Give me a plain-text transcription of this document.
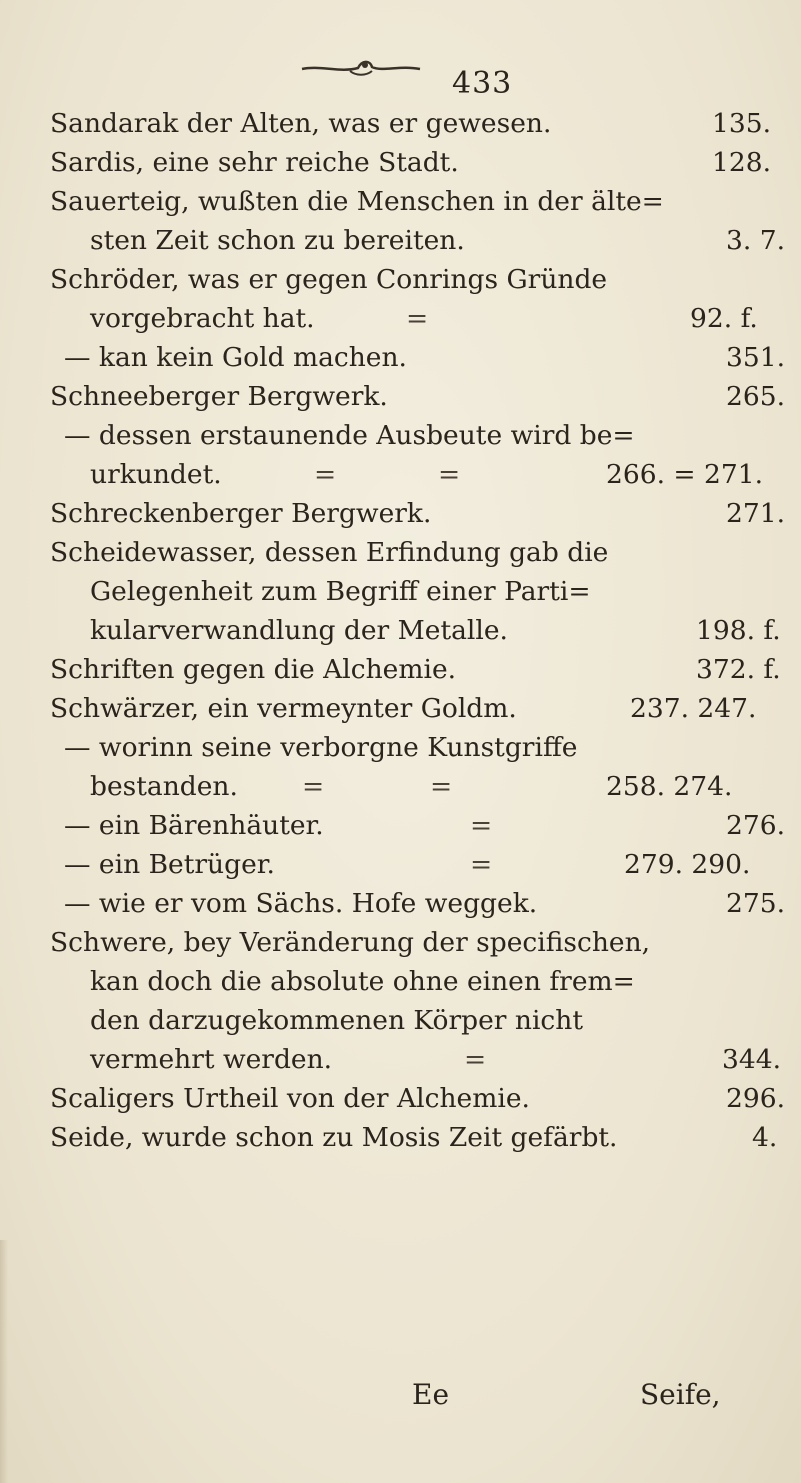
433
Sandarak der Alten, was er gewesen.	135.
Sardis, eine sehr reiche Stadt.	128.
Sauerteig, wußten die Menschen in der älte=
sten Zeit schon zu bereiten.	3. 7.
Schröder, was er gegen Conrings Gründe
vorgebracht hat.	=	92. f.
— kan kein Gold machen.	351.
Schneeberger Bergwerk.	265.
— dessen erstaunende Ausbeute wird be=
urkundet.	=	=	266. = 271.
Schreckenberger Bergwerk.	271.
Scheidewasser, dessen Erfindung gab die
Gelegenheit zum Begriff einer Parti=
kularverwandlung der Metalle.	198. f.
Schriften gegen die Alchemie.	372. f.
Schwärzer, ein vermeynter Goldm.	237. 247.
— worinn seine verborgne Kunstgriffe
bestanden. =	=	258. 274.
— ein Bärenhäuter.	=	276.
— ein Betrüger.	=	279. 290.
— wie er vom Sächs. Hofe weggek.	275.
Schwere, bey Veränderung der specifischen,
kan doch die absolute ohne einen frem=
den darzugekommenen Körper nicht
vermehrt werden.	=	344.
Scaligers Urtheil von der Alchemie.	296.
Seide, wurde schon zu Mosis Zeit gefärbt.	4.
Ee	Seife,
